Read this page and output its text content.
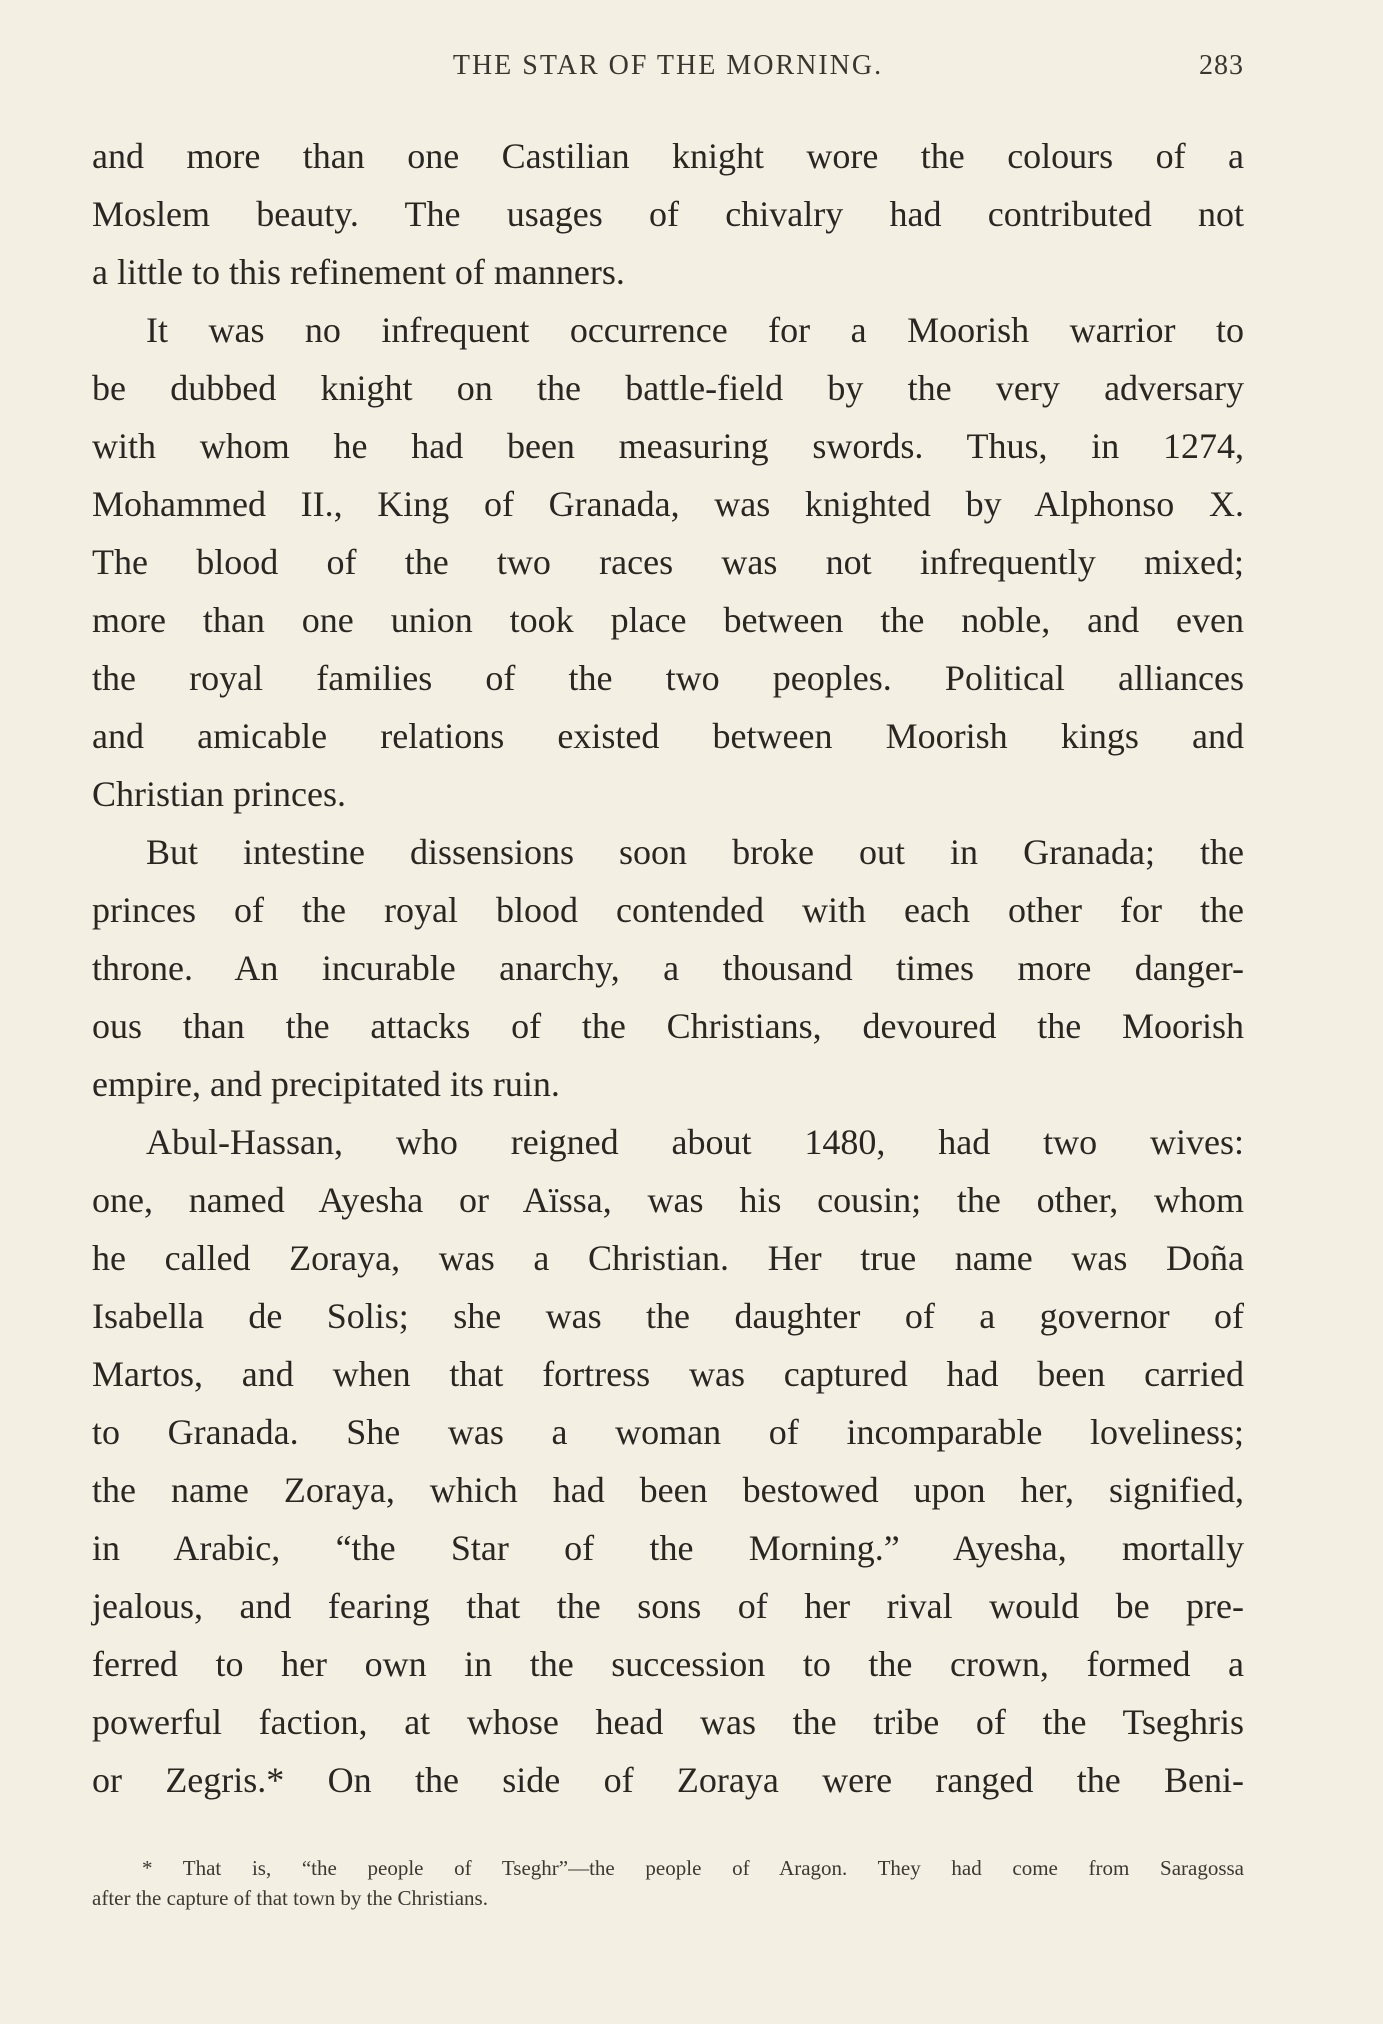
THE STAR OF THE MORNING.	283
and more than one Castilian knight wore the colours of a
Moslem beauty. The usages of chivalry had contributed not
a little to this refinement of manners.
It was no infrequent occurrence for a Moorish warrior to
be dubbed knight on the battle-field by the very adversary
with whom he had been measuring swords. Thus, in 1274,
Mohammed II., King of Granada, was knighted by Alphonso X.
The blood of the two races was not infrequently mixed;
more than one union took place between the noble, and even
the royal families of the two peoples. Political alliances
and amicable relations existed between Moorish kings and
Christian princes.
But intestine dissensions soon broke out in Granada; the
princes of the royal blood contended with each other for the
throne. An incurable anarchy, a thousand times more danger-
ous than the attacks of the Christians, devoured the Moorish
empire, and precipitated its ruin.
Abul-Hassan, who reigned about 1480, had two wives:
one, named Ayesha or Aïssa, was his cousin; the other, whom
he called Zoraya, was a Christian. Her true name was Doña
Isabella de Solis; she was the daughter of a governor of
Martos, and when that fortress was captured had been carried
to Granada. She was a woman of incomparable loveliness;
the name Zoraya, which had been bestowed upon her, signified,
in Arabic, “the Star of the Morning.” Ayesha, mortally
jealous, and fearing that the sons of her rival would be pre-
ferred to her own in the succession to the crown, formed a
powerful faction, at whose head was the tribe of the Tseghris
or Zegris.* On the side of Zoraya were ranged the Beni-
* That is, “the people of Tseghr”—the people of Aragon. They had come from Saragossa
after the capture of that town by the Christians.
